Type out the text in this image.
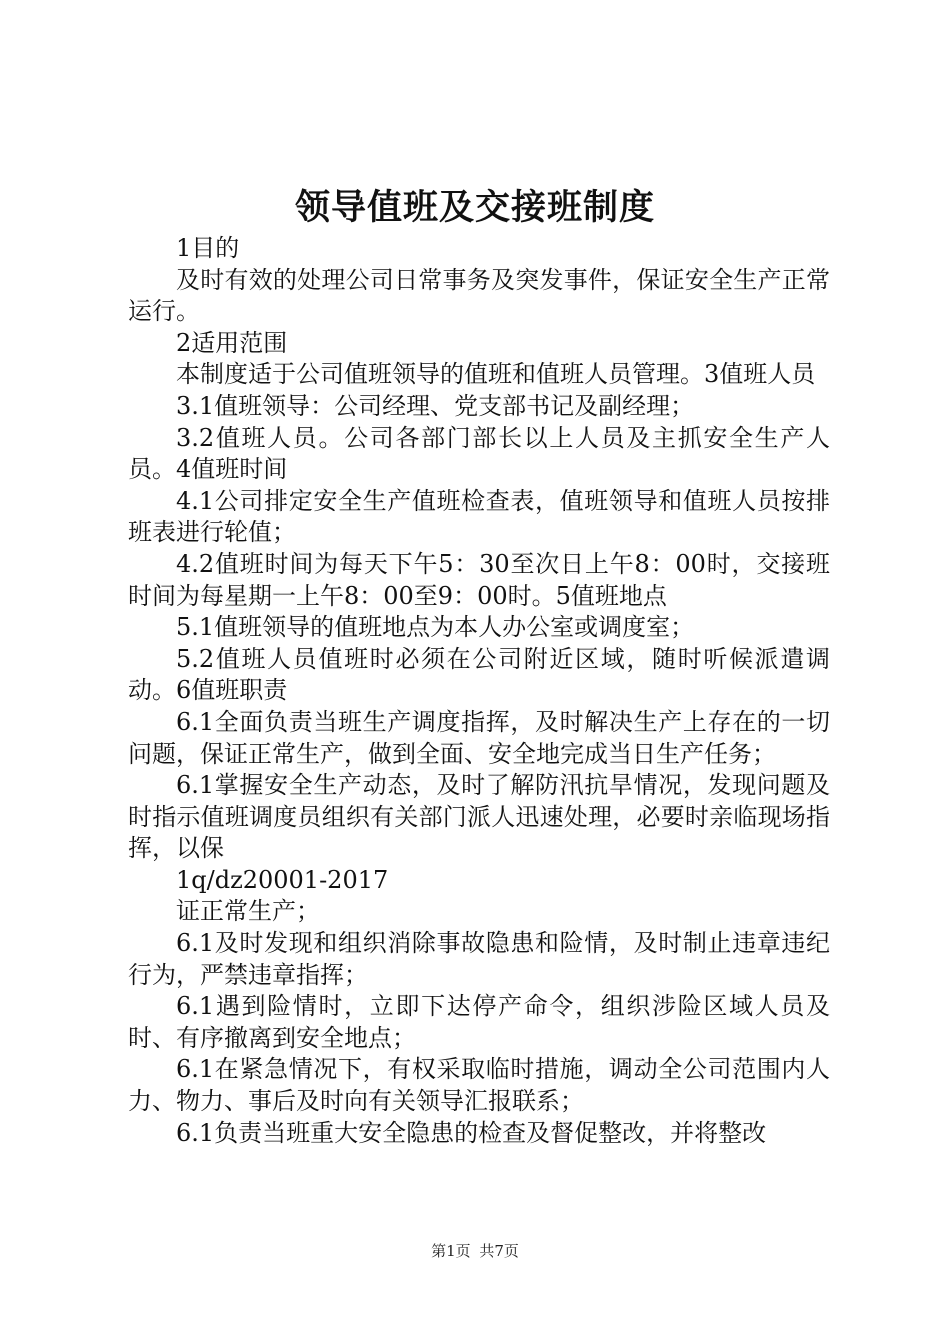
领导值班及交接班制度

1目的

及时有效的处理公司日常事务及突发事件，保证安全生产正常运行。

2适用范围

本制度适于公司值班领导的值班和值班人员管理。3值班人员

3.1值班领导：公司经理、党支部书记及副经理；

3.2值班人员。公司各部门部长以上人员及主抓安全生产人员。4值班时间

4.1公司排定安全生产值班检查表，值班领导和值班人员按排班表进行轮值；

4.2值班时间为每天下午5：30至次日上午8：00时，交接班时间为每星期一上午8：00至9：00时。5值班地点

5.1值班领导的值班地点为本人办公室或调度室；

5.2值班人员值班时必须在公司附近区域，随时听候派遣调动。6值班职责

6.1全面负责当班生产调度指挥，及时解决生产上存在的一切问题，保证正常生产，做到全面、安全地完成当日生产任务；

6.1掌握安全生产动态，及时了解防汛抗旱情况，发现问题及时指示值班调度员组织有关部门派人迅速处理，必要时亲临现场指挥，以保

1q/dz20001-2017

证正常生产；

6.1及时发现和组织消除事故隐患和险情，及时制止违章违纪行为，严禁违章指挥；

6.1遇到险情时，立即下达停产命令，组织涉险区域人员及时、有序撤离到安全地点；

6.1在紧急情况下，有权采取临时措施，调动全公司范围内人力、物力、事后及时向有关领导汇报联系；

6.1负责当班重大安全隐患的检查及督促整改，并将整改

第1页 共7页
